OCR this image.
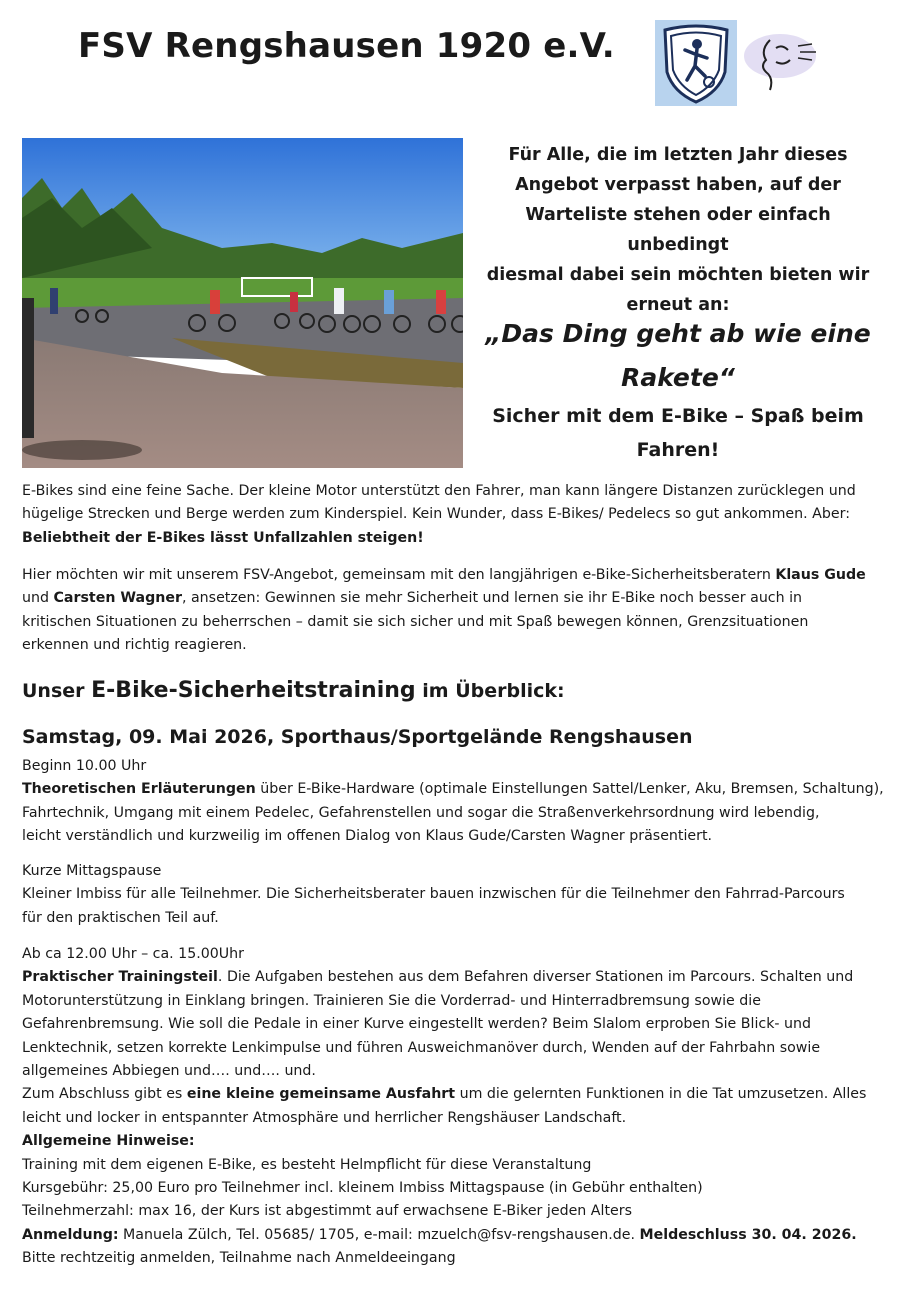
FSV Rengshausen 1920 e.V.
Für Alle, die im letzten Jahr dieses
Angebot verpasst haben, auf der
Warteliste stehen oder einfach unbedingt
diesmal dabei sein möchten bieten wir
erneut an:
„Das Ding geht ab wie eine
Rakete“
Sicher mit dem E-Bike – Spaß beim
Fahren!

E-Bikes sind eine feine Sache. Der kleine Motor unterstützt den Fahrer, man kann längere Distanzen zurücklegen und

hügelige Strecken und Berge werden zum Kinderspiel. Kein Wunder, dass E-Bikes/ Pedelecs so gut ankommen. Aber:

Beliebtheit der E-Bikes lässt Unfallzahlen steigen!

Hier möchten wir mit unserem FSV-Angebot, gemeinsam mit den langjährigen e-Bike-Sicherheitsberatern Klaus Gude

und Carsten Wagner, ansetzen: Gewinnen sie mehr Sicherheit und lernen sie ihr E-Bike noch besser auch in

kritischen Situationen zu beherrschen – damit sie sich sicher und mit Spaß bewegen können, Grenzsituationen

erkennen und richtig reagieren.

Unser E-Bike-Sicherheitstraining im Überblick:
Samstag, 09. Mai 2026, Sporthaus/Sportgelände Rengshausen

Beginn 10.00 Uhr

Theoretischen Erläuterungen über E-Bike-Hardware (optimale Einstellungen Sattel/Lenker, Aku, Bremsen, Schaltung),

Fahrtechnik, Umgang mit einem Pedelec, Gefahrenstellen und sogar die Straßenverkehrsordnung wird lebendig,

leicht verständlich und kurzweilig im offenen Dialog von Klaus Gude/Carsten Wagner präsentiert.

Kurze Mittagspause

Kleiner Imbiss für alle Teilnehmer. Die Sicherheitsberater bauen inzwischen für die Teilnehmer den Fahrrad-Parcours

für den praktischen Teil auf.

Ab ca 12.00 Uhr – ca. 15.00Uhr

Praktischer Trainingsteil. Die Aufgaben bestehen aus dem Befahren diverser Stationen im Parcours. Schalten und

Motorunterstützung in Einklang bringen. Trainieren Sie die Vorderrad- und Hinterradbremsung sowie die

Gefahrenbremsung. Wie soll die Pedale in einer Kurve eingestellt werden? Beim Slalom erproben Sie Blick- und

Lenktechnik, setzen korrekte Lenkimpulse und führen Ausweichmanöver durch, Wenden auf der Fahrbahn sowie

allgemeines Abbiegen und…. und…. und.

Zum Abschluss gibt es eine kleine gemeinsame Ausfahrt um die gelernten Funktionen in die Tat umzusetzen. Alles

leicht und locker in entspannter Atmosphäre und herrlicher Rengshäuser Landschaft.

Allgemeine Hinweise:

Training mit dem eigenen E-Bike, es besteht Helmpflicht für diese Veranstaltung

Kursgebühr: 25,00 Euro pro Teilnehmer incl. kleinem Imbiss Mittagspause (in Gebühr enthalten)

Teilnehmerzahl: max 16, der Kurs ist abgestimmt auf erwachsene E-Biker jeden Alters

Anmeldung: Manuela Zülch, Tel. 05685/ 1705, e-mail: mzuelch@fsv-rengshausen.de. Meldeschluss 30. 04. 2026.

Bitte rechtzeitig anmelden, Teilnahme nach Anmeldeeingang
